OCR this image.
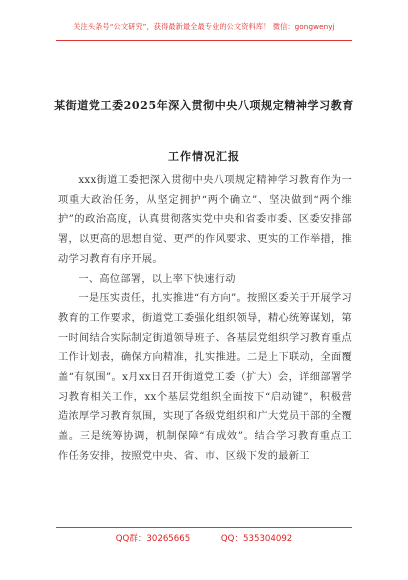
关注头条号“公文研究”，获得最新最全最专业的公文资料库！ 微信：gongwenyj
某街道党工委2025年深入贯彻中央八项规定精神学习教育
工作情况汇报

xxx街道工委把深入贯彻中央八项规定精神学习教育作为一项重大政治任务，从坚定拥护“两个确立”、坚决做到“两个维护”的政治高度，认真贯彻落实党中央和省委市委、区委安排部署，以更高的思想自觉、更严的作风要求、更实的工作举措，推动学习教育有序开展。

一、高位部署，以上率下快速行动

一是压实责任，扎实推进“有方向”。按照区委关于开展学习教育的工作要求，街道党工委强化组织领导，精心统筹谋划，第一时间结合实际制定街道领导班子、各基层党组织学习教育重点工作计划表，确保方向精准，扎实推进。二是上下联动，全面覆盖“有氛围”。x月xx日召开街道党工委（扩大）会，详细部署学习教育相关工作，xx个基层党组织全面按下“启动键”，积极营造浓厚学习教育氛围，实现了各级党组织和广大党员干部的全覆盖。三是统筹协调，机制保障“有成效”。结合学习教育重点工作任务安排，按照党中央、省、市、区级下发的最新工

QQ群：30265665	QQ：535304092
